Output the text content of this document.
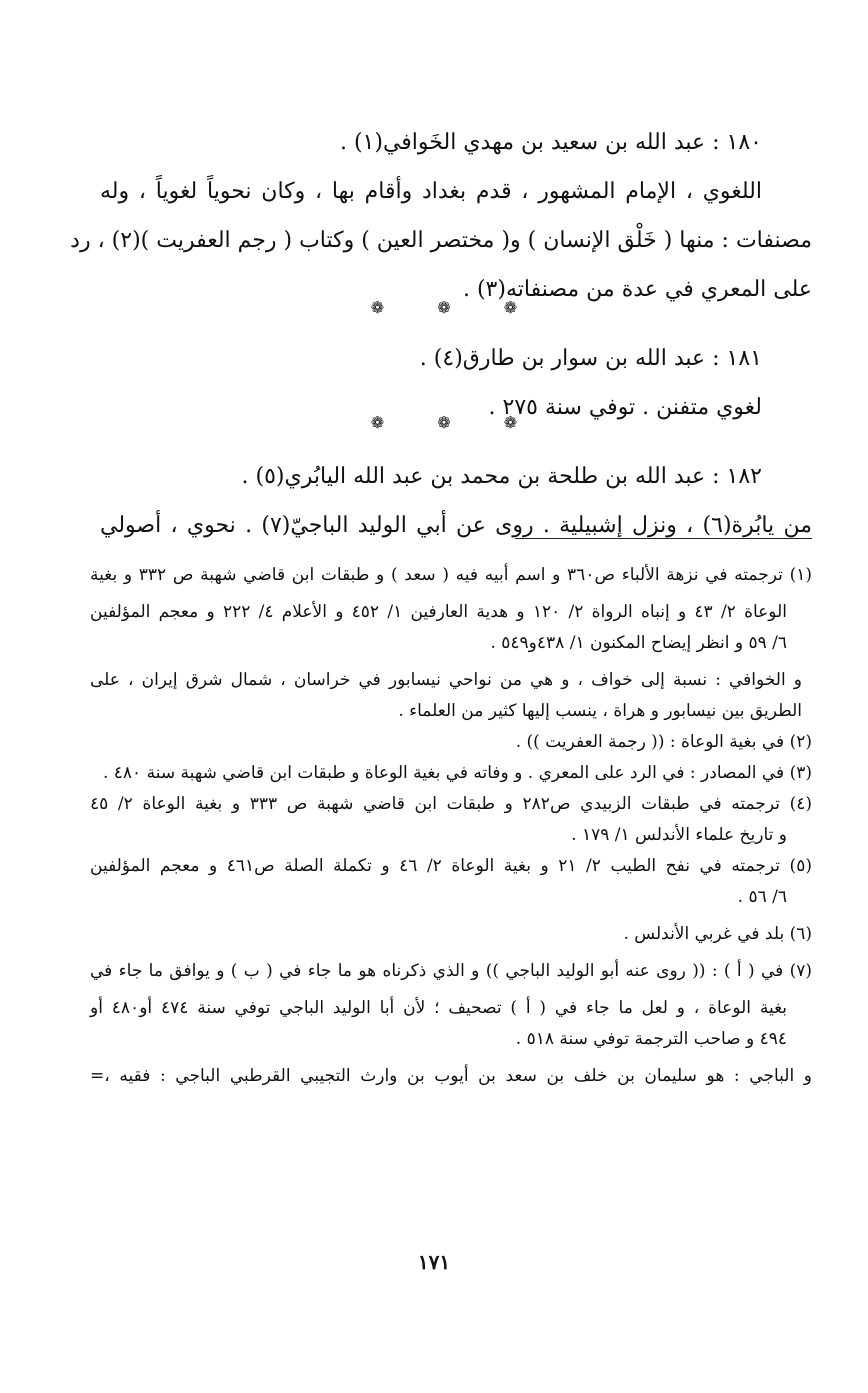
١٨٠ : عبد الله بن سعيد بن مهدي الخَوافي(١) .
اللغوي ، الإمام المشهور ، قدم بغداد وأقام بها ، وكان نحوياً لغوياً ، وله
مصنفات : منها ( خَلْق الإنسان ) و( مختصر العين ) وكتاب ( رجم العفريت )(٢) ، رد
على المعري في عدة من مصنفاته(٣) .
١٨١ : عبد الله بن سوار بن طارق(٤) .
لغوي متفنن . توفي سنة ٢٧٥ .
١٨٢ : عبد الله بن طلحة بن محمد بن عبد الله اليابُري(٥) .
من يابُرة(٦) ، ونزل إشبيلية . روى عن أبي الوليد الباجيّ(٧) . نحوي ، أصولي
❁ ❁ ❁
❁ ❁ ❁
(١) ترجمته في نزهة الألباء ص٣٦٠ و اسم أبيه فيه ( سعد ) و طبقات ابن قاضي شهبة ص ٣٣٢ و بغية
الوعاة ٢/ ٤٣ و إنباه الرواة ٢/ ١٢٠ و هدية العارفين ١/ ٤٥٢ و الأعلام ٤/ ٢٢٢ و معجم المؤلفين
٦/ ٥٩ و انظر إيضاح المكنون ١/ ٤٣٨و٥٤٩ .
و الخوافي : نسبة إلى خواف ، و هي من نواحي نيسابور في خراسان ، شمال شرق إيران ، على
الطريق بين نيسابور و هراة ، ينسب إليها كثير من العلماء .
(٢) في بغية الوعاة : (( رجمة العفريت )) .
(٣) في المصادر : في الرد على المعري . و وفاته في بغية الوعاة و طبقات ابن قاضي شهبة سنة ٤٨٠ .
(٤) ترجمته في طبقات الزبيدي ص٢٨٢ و طبقات ابن قاضي شهبة ص ٣٣٣ و بغية الوعاة ٢/ ٤٥
و تاريخ علماء الأندلس ١/ ١٧٩ .
(٥) ترجمته في نفح الطيب ٢/ ٢١ و بغية الوعاة ٢/ ٤٦ و تكملة الصلة ص٤٦١ و معجم المؤلفين
٦/ ٥٦ .
(٦) بلد في غربي الأندلس .
(٧) في ( أ ) : (( روى عنه أبو الوليد الباجي )) و الذي ذكرناه هو ما جاء في ( ب ) و يوافق ما جاء في
بغية الوعاة ، و لعل ما جاء في ( أ ) تصحيف ؛ لأن أبا الوليد الباجي توفي سنة ٤٧٤ أو٤٨٠ أو
٤٩٤ و صاحب الترجمة توفي سنة ٥١٨ .
و الباجي : هو سليمان بن خلف بن سعد بن أيوب بن وارث التجيبي القرطبي الباجي : فقيه ،=
١٧١
